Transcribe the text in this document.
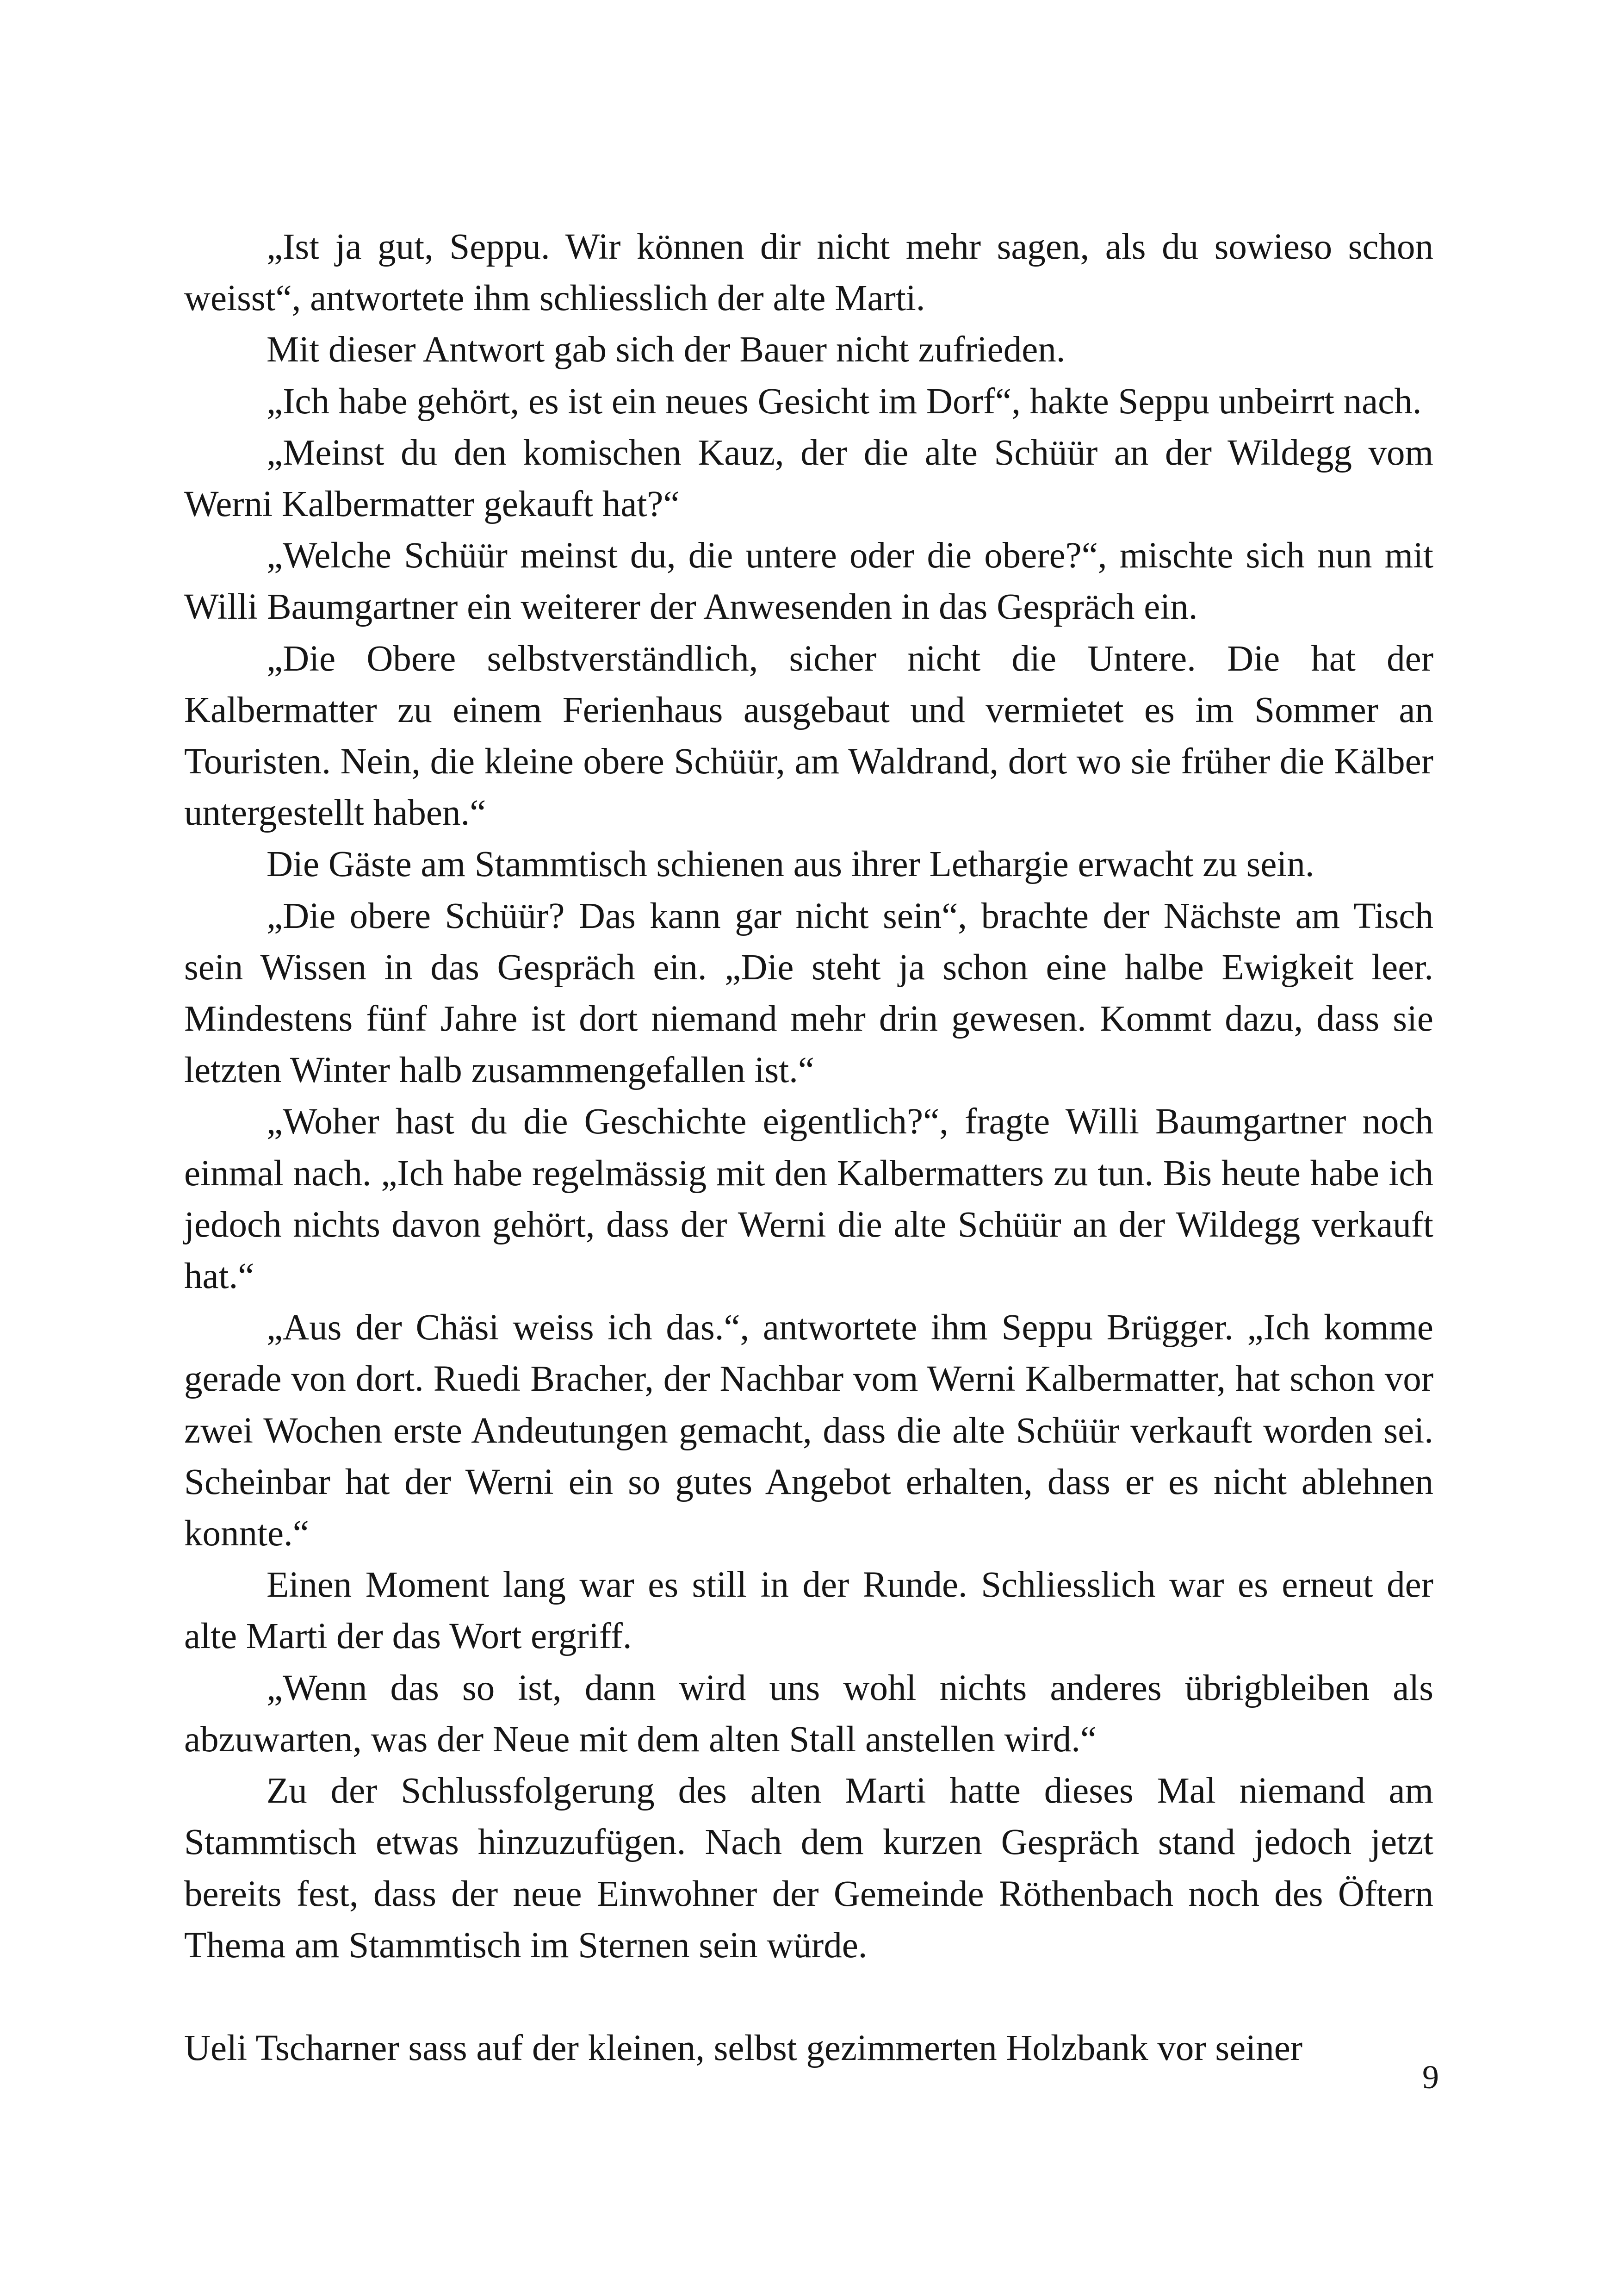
„Ist ja gut, Seppu. Wir können dir nicht mehr sagen, als du sowieso schon weisst“, antwortete ihm schliesslich der alte Marti.

Mit dieser Antwort gab sich der Bauer nicht zufrieden.

„Ich habe gehört, es ist ein neues Gesicht im Dorf“, hakte Seppu unbeirrt nach.

„Meinst du den komischen Kauz, der die alte Schüür an der Wildegg vom Werni Kalbermatter gekauft hat?“

„Welche Schüür meinst du, die untere oder die obere?“, mischte sich nun mit Willi Baumgartner ein weiterer der Anwesenden in das Gespräch ein.

„Die Obere selbstverständlich, sicher nicht die Untere. Die hat der Kalbermatter zu einem Ferienhaus ausgebaut und vermietet es im Sommer an Touristen. Nein, die kleine obere Schüür, am Waldrand, dort wo sie früher die Kälber untergestellt haben.“

Die Gäste am Stammtisch schienen aus ihrer Lethargie erwacht zu sein.

„Die obere Schüür? Das kann gar nicht sein“, brachte der Nächste am Tisch sein Wissen in das Gespräch ein. „Die steht ja schon eine halbe Ewigkeit leer. Mindestens fünf Jahre ist dort niemand mehr drin gewesen. Kommt dazu, dass sie letzten Winter halb zusammengefallen ist.“

„Woher hast du die Geschichte eigentlich?“, fragte Willi Baumgartner noch einmal nach. „Ich habe regelmässig mit den Kalbermatters zu tun. Bis heute habe ich jedoch nichts davon gehört, dass der Werni die alte Schüür an der Wildegg verkauft hat.“

„Aus der Chäsi weiss ich das.“, antwortete ihm Seppu Brügger. „Ich komme gerade von dort. Ruedi Bracher, der Nachbar vom Werni Kalbermatter, hat schon vor zwei Wochen erste Andeutungen gemacht, dass die alte Schüür verkauft worden sei. Scheinbar hat der Werni ein so gutes Angebot erhalten, dass er es nicht ablehnen konnte.“

Einen Moment lang war es still in der Runde. Schliesslich war es erneut der alte Marti der das Wort ergriff.

„Wenn das so ist, dann wird uns wohl nichts anderes übrigbleiben als abzuwarten, was der Neue mit dem alten Stall anstellen wird.“

Zu der Schlussfolgerung des alten Marti hatte dieses Mal niemand am Stammtisch etwas hinzuzufügen. Nach dem kurzen Gespräch stand jedoch jetzt bereits fest, dass der neue Einwohner der Gemeinde Röthenbach noch des Öftern Thema am Stammtisch im Sternen sein würde.

Ueli Tscharner sass auf der kleinen, selbst gezimmerten Holzbank vor seiner

9
